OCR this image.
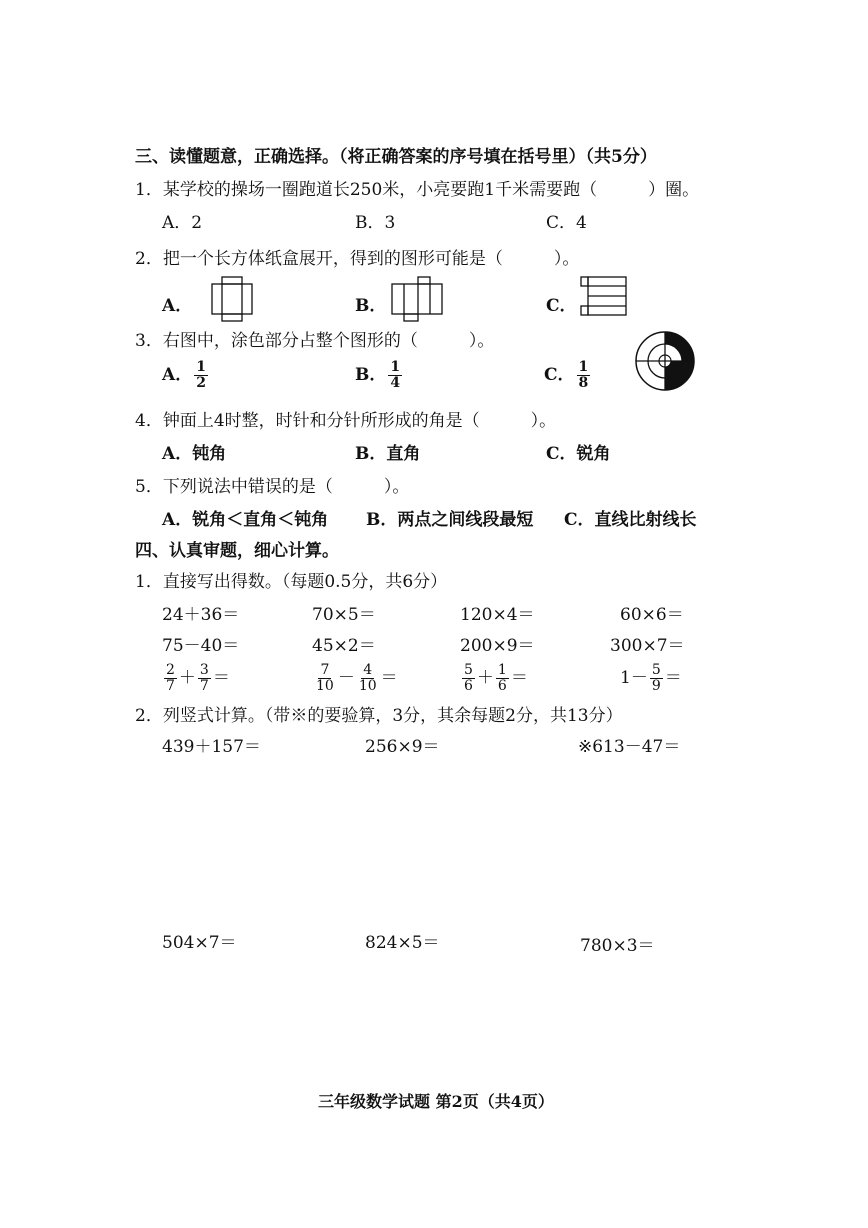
三、读懂题意，正确选择。（将正确答案的序号填在括号里）（共5分）
1．某学校的操场一圈跑道长250米，小亮要跑1千米需要跑（　　　）圈。
A．2	B．3	C．4
2．把一个长方体纸盒展开，得到的图形可能是（　　　）。
A．	B．	C．
3．右图中，涂色部分占整个图形的（　　　）。
A． $\frac{1}{2}$	B． $\frac{1}{4}$	C． $\frac{1}{8}$
4．钟面上4时整，时针和分针所形成的角是（　　　）。
A．钝角	B．直角	C．锐角
5．下列说法中错误的是（　　　）。
A．锐角＜直角＜钝角 B．两点之间线段最短 C．直线比射线长
四、认真审题，细心计算。
1．直接写出得数。（每题0.5分，共6分）
24＋36＝	70×5＝	120×4＝	60×6＝
75－40＝	45×2＝	200×9＝	300×7＝
$\frac{2}{7} + \frac{3}{7}$ ＝	$\frac{7}{10} - \frac{4}{10}$ ＝	$\frac{5}{6} + \frac{1}{6}$ ＝	$1- \frac{5}{9}$ ＝
2．列竖式计算。（带※的要验算，3分，其余每题2分，共13分）
439＋157＝	256×9＝	※613－47＝
504×7＝	824×5＝	780×3＝
三年级数学试题 第2页（共4页）
